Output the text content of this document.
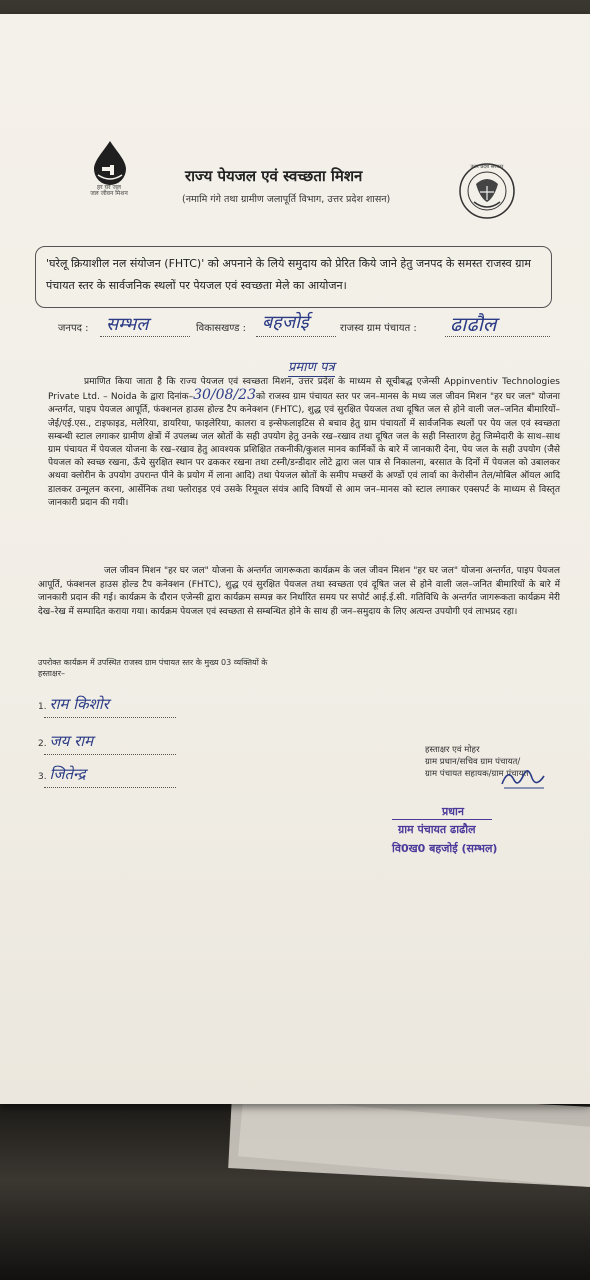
हर घर जल
जल जीवन मिशन
राज्य पेयजल एवं स्वच्छता मिशन
(नमामि गंगे तथा ग्रामीण जलापूर्ति विभाग, उत्तर प्रदेश शासन)
उत्तर प्रदेश सरकार
'घरेलू क्रियाशील नल संयोजन (FHTC)' को अपनाने के लिये समुदाय को प्रेरित किये जाने हेतु जनपद के समस्त राजस्व ग्राम पंचायत स्तर के सार्वजनिक स्थलों पर पेयजल एवं स्वच्छता मेले का आयोजन।
जनपद : सम्भल	विकासखण्ड : बहजोई	राजस्व ग्राम पंचायत : ढाढौल
प्रमाण पत्र
प्रमाणित किया जाता है कि राज्य पेयजल एवं स्वच्छता मिशन, उत्तर प्रदेश के माध्यम से सूचीबद्ध एजेन्सी Appinventiv Technologies Private Ltd. – Noida के द्वारा दिनांक–30/08/23को राजस्व ग्राम पंचायत स्तर पर जन–मानस के मध्य जल जीवन मिशन "हर घर जल" योजना अन्तर्गत, पाइप पेयजल आपूर्ति, फंक्शनल हाउस होल्ड टैप कनेक्शन (FHTC), शुद्ध एवं सुरक्षित पेयजल तथा दूषित जल से होने वाली जल–जनित बीमारियों–जेई/एई.एस., टाइफाइड, मलेरिया, डायरिया, फाइलेरिया, कालरा व इन्सेफलाइटिस से बचाव हेतु ग्राम पंचायतों में सार्वजनिक स्थलों पर पेय जल एवं स्वच्छता सम्बन्धी स्टाल लगाकर ग्रामीण क्षेत्रों में उपलब्ध जल स्रोतों के सही उपयोग हेतु उनके रख–रखाव तथा दूषित जल के सही निस्तारण हेतु जिम्मेदारी के साथ–साथ ग्राम पंचायत में पेयजल योजना के रख–रखाव हेतु आवश्यक प्रशिक्षित तकनीकी/कुशल मानव कार्मिकों के बारे में जानकारी देना, पेय जल के सही उपयोग (जैसे पेयजल को स्वच्छ रखना, ऊँचे सुरक्षित स्थान पर ढककर रखना तथा टस्नी/डन्डीदार लोटे द्वारा जल पात्र से निकालना, बरसात के दिनों में पेयजल को उबालकर अथवा क्लोरीन के उपयोग उपरान्त पीने के प्रयोग में लाना आदि) तथा पेयजल स्रोतों के समीप मच्छरों के अण्डों एवं लार्वा का केरोसीन तेल/मोबिल ऑयल आदि डालकर उन्मूलन करना, आर्सेनिक तथा फ्लोराइड एवं उसके रिमूवल संयंत्र आदि विषयों से आम जन–मानस को स्टाल लगाकर एक्सपर्ट के माध्यम से विस्तृत जानकारी प्रदान की गयी।
जल जीवन मिशन "हर घर जल" योजना के अन्तर्गत जागरूकता कार्यक्रम के जल जीवन मिशन "हर घर जल" योजना अन्तर्गत, पाइप पेयजल आपूर्ति, फंक्शनल हाउस होल्ड टैप कनेक्शन (FHTC), शुद्ध एवं सुरक्षित पेयजल तथा स्वच्छता एवं दूषित जल से होने वाली जल–जनित बीमारियों के बारे में जानकारी प्रदान की गई। कार्यक्रम के दौरान एजेन्सी द्वारा कार्यक्रम सम्पन्न कर निर्धारित समय पर सपोर्ट आई.ई.सी. गतिविधि के अन्तर्गत जागरूकता कार्यक्रम मेरी देख–रेख में सम्पादित कराया गया। कार्यक्रम पेयजल एवं स्वच्छता से सम्बन्धित होने के साथ ही जन–समुदाय के लिए अत्यन्त उपयोगी एवं लाभप्रद रहा।
उपरोक्त कार्यक्रम में उपस्थित राजस्व ग्राम पंचायत स्तर के मुख्य 03 व्यक्तियों के
हस्ताक्षर–
1. राम किशोर
2. जय राम
3. जितेन्द्र
हस्ताक्षर एवं मोहर
ग्राम प्रधान/सचिव ग्राम पंचायत/
ग्राम पंचायत सहायक/ग्राम पंचायत
प्रधान
ग्राम पंचायत ढाढौल
वि0ख0 बहजोई (सम्भल)
